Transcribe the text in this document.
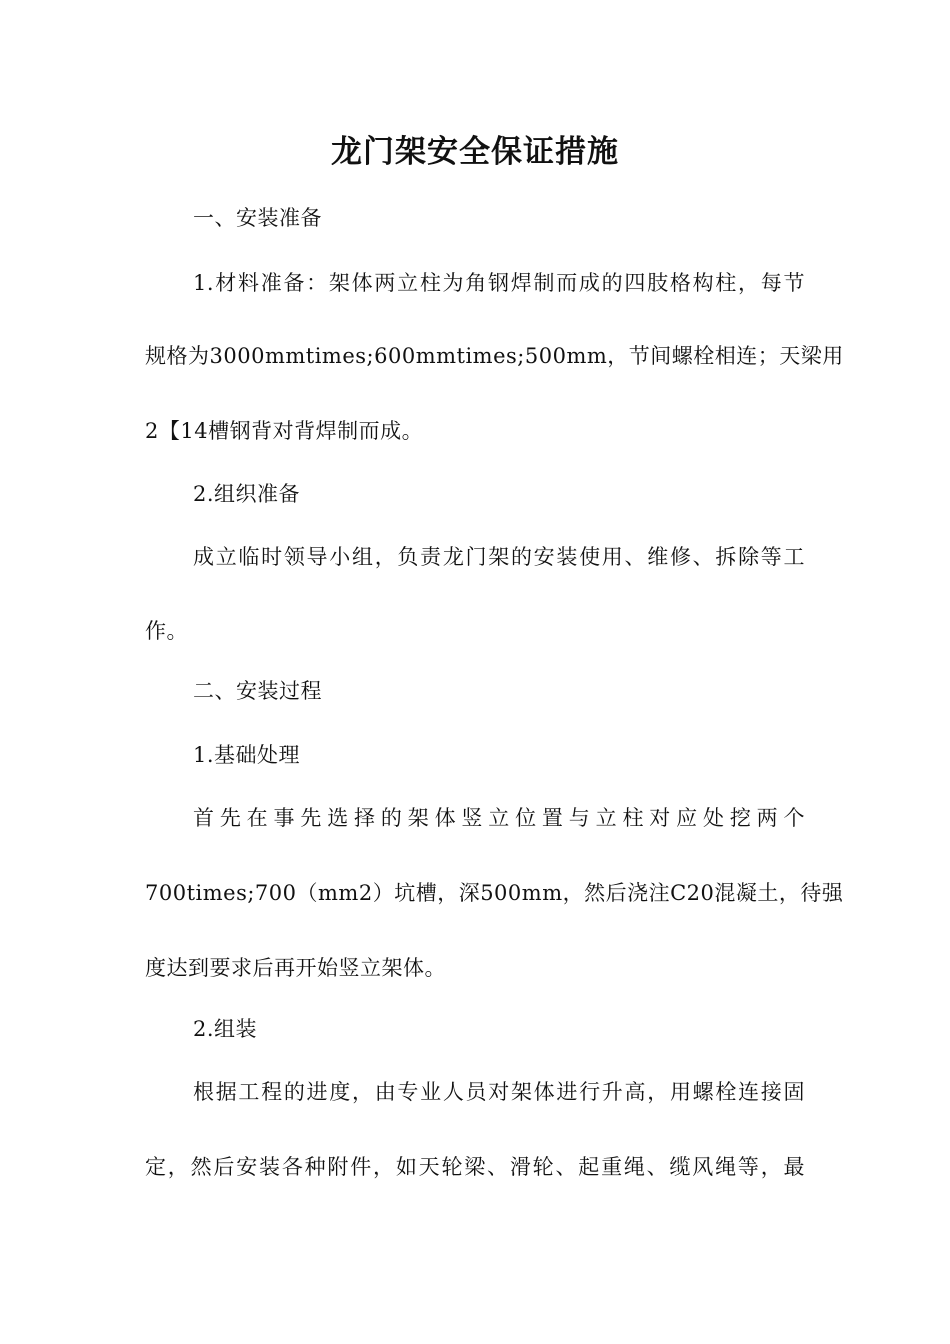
龙门架安全保证措施
一、安装准备
1.材料准备：架体两立柱为角钢焊制而成的四肢格构柱，每节
规格为3000mmtimes;600mmtimes;500mm，节间螺栓相连；天梁用
2【14槽钢背对背焊制而成。
2.组织准备
成立临时领导小组，负责龙门架的安装使用、维修、拆除等工
作。
二、安装过程
1.基础处理
首先在事先选择的架体竖立位置与立柱对应处挖两个
700times;700（mm2）坑槽，深500mm，然后浇注C20混凝土，待强
度达到要求后再开始竖立架体。
2.组装
根据工程的进度，由专业人员对架体进行升高，用螺栓连接固
定，然后安装各种附件，如天轮梁、滑轮、起重绳、缆风绳等，最
